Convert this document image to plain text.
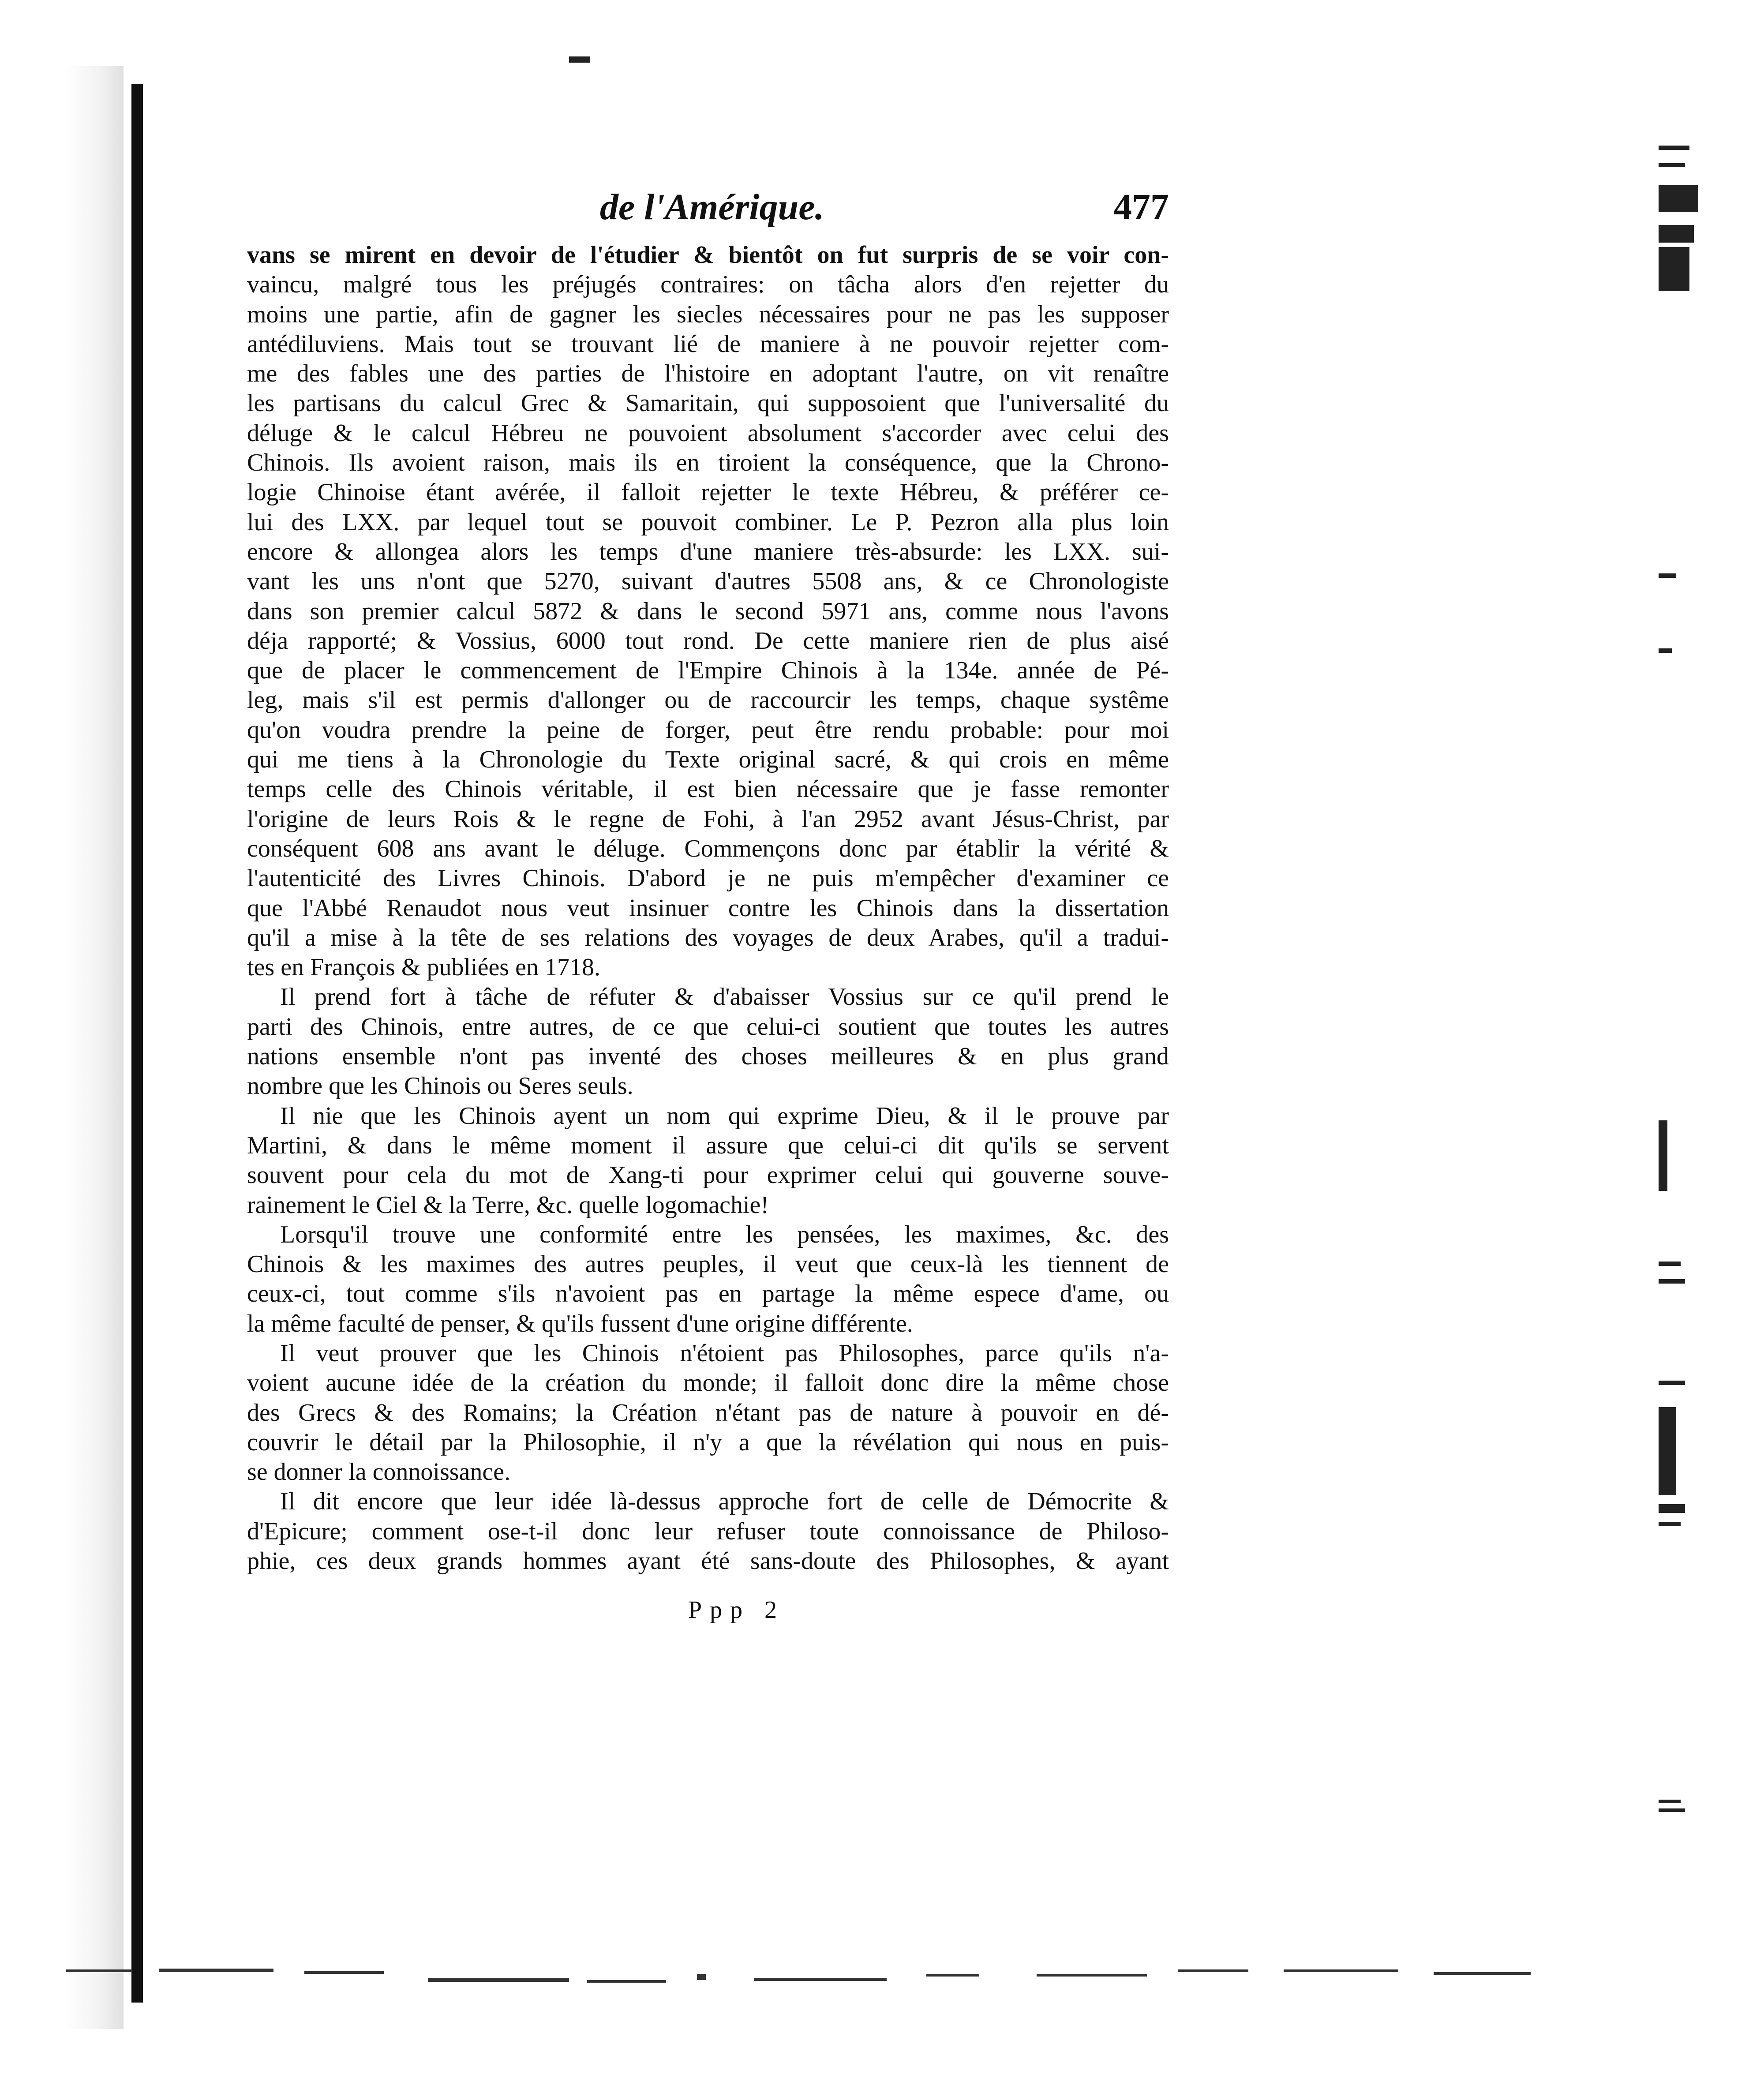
de l'Amérique.	477
vans se mirent en devoir de l'étudier & bientôt on fut surpris de se voir con-
vaincu, malgré tous les préjugés contraires: on tâcha alors d'en rejetter du
moins une partie, afin de gagner les siecles nécessaires pour ne pas les supposer
antédiluviens. Mais tout se trouvant lié de maniere à ne pouvoir rejetter com-
me des fables une des parties de l'histoire en adoptant l'autre, on vit renaître
les partisans du calcul Grec & Samaritain, qui supposoient que l'universalité du
déluge & le calcul Hébreu ne pouvoient absolument s'accorder avec celui des
Chinois. Ils avoient raison, mais ils en tiroient la conséquence, que la Chrono-
logie Chinoise étant avérée, il falloit rejetter le texte Hébreu, & préférer ce-
lui des LXX. par lequel tout se pouvoit combiner. Le P. Pezron alla plus loin
encore & allongea alors les temps d'une maniere très-absurde: les LXX. sui-
vant les uns n'ont que 5270, suivant d'autres 5508 ans, & ce Chronologiste
dans son premier calcul 5872 & dans le second 5971 ans, comme nous l'avons
déja rapporté; & Vossius, 6000 tout rond. De cette maniere rien de plus aisé
que de placer le commencement de l'Empire Chinois à la 134e. année de Pé-
leg, mais s'il est permis d'allonger ou de raccourcir les temps, chaque systême
qu'on voudra prendre la peine de forger, peut être rendu probable: pour moi
qui me tiens à la Chronologie du Texte original sacré, & qui crois en même
temps celle des Chinois véritable, il est bien nécessaire que je fasse remonter
l'origine de leurs Rois & le regne de Fohi, à l'an 2952 avant Jésus-Christ, par
conséquent 608 ans avant le déluge. Commençons donc par établir la vérité &
l'autenticité des Livres Chinois. D'abord je ne puis m'empêcher d'examiner ce
que l'Abbé Renaudot nous veut insinuer contre les Chinois dans la dissertation
qu'il a mise à la tête de ses relations des voyages de deux Arabes, qu'il a tradui-
tes en François & publiées en 1718.
Il prend fort à tâche de réfuter & d'abaisser Vossius sur ce qu'il prend le
parti des Chinois, entre autres, de ce que celui-ci soutient que toutes les autres
nations ensemble n'ont pas inventé des choses meilleures & en plus grand
nombre que les Chinois ou Seres seuls.
Il nie que les Chinois ayent un nom qui exprime Dieu, & il le prouve par
Martini, & dans le même moment il assure que celui-ci dit qu'ils se servent
souvent pour cela du mot de Xang-ti pour exprimer celui qui gouverne souve-
rainement le Ciel & la Terre, &c. quelle logomachie!
Lorsqu'il trouve une conformité entre les pensées, les maximes, &c. des
Chinois & les maximes des autres peuples, il veut que ceux-là les tiennent de
ceux-ci, tout comme s'ils n'avoient pas en partage la même espece d'ame, ou
la même faculté de penser, & qu'ils fussent d'une origine différente.
Il veut prouver que les Chinois n'étoient pas Philosophes, parce qu'ils n'a-
voient aucune idée de la création du monde; il falloit donc dire la même chose
des Grecs & des Romains; la Création n'étant pas de nature à pouvoir en dé-
couvrir le détail par la Philosophie, il n'y a que la révélation qui nous en puis-
se donner la connoissance.
Il dit encore que leur idée là-dessus approche fort de celle de Démocrite &
d'Epicure; comment ose-t-il donc leur refuser toute connoissance de Philoso-
phie, ces deux grands hommes ayant été sans-doute des Philosophes, & ayant
Ppp 2
